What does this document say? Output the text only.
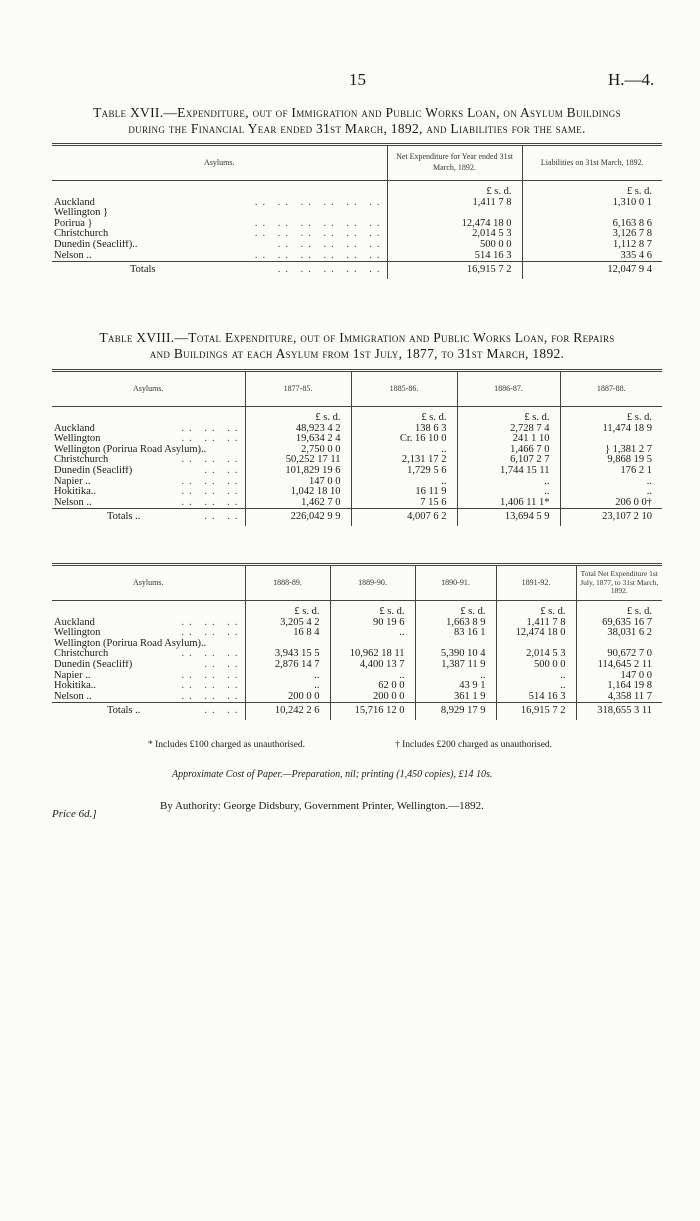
15	H.—4.
Table XVII.—Expenditure, out of Immigration and Public Works Loan, on Asylum Buildings
during the Financial Year ended 31st March, 1892, and Liabilities for the same.
Asylums.	Net Expenditure for Year ended 31st March, 1892.	Liabilities on 31st March, 1892.
	£ s. d.	£ s. d.
Auckland .. .. .. .. .. ..	1,411 7 8	1,310 0 1
Wellington }		
Porirua } .. .. .. .. .. ..	12,474 18 0	6,163 8 6
Christchurch .. .. .. .. .. ..	2,014 5 3	3,126 7 8
Dunedin (Seacliff).. .. .. .. .. ..	500 0 0	1,112 8 7
Nelson .. .. .. .. .. .. ..	514 16 3	335 4 6
Totals .. .. .. .. ..	16,915 7 2	12,047 9 4
Table XVIII.—Total Expenditure, out of Immigration and Public Works Loan, for Repairs
and Buildings at each Asylum from 1st July, 1877, to 31st March, 1892.
Asylums.	1877-85.	1885-86.	1886-87.	1887-88.
	£ s. d.	£ s. d.	£ s. d.	£ s. d.
Auckland .. .. ..	48,923 4 2	138 6 3	2,728 7 4	11,474 18 9
Wellington .. .. ..	19,634 2 4	Cr. 16 10 0	241 1 10	
Wellington (Porirua Road Asylum)..	2,750 0 0	..	1,466 7 0	} 1,381 2 7
Christchurch .. .. ..	50,252 17 11	2,131 17 2	6,107 2 7	9,868 19 5
Dunedin (Seacliff) .. ..	101,829 19 6	1,729 5 6	1,744 15 11	176 2 1
Napier .. .. .. ..	147 0 0	..	..	..
Hokitika.. .. .. ..	1,042 18 10	16 11 9	..	..
Nelson .. .. .. ..	1,462 7 0	7 15 6	1,406 11 1*	206 0 0†
Totals .. .. ..	226,042 9 9	4,007 6 2	13,694 5 9	23,107 2 10
Asylums.	1888-89.	1889-90.	1890-91.	1891-92.	Total Net Expenditure 1st July, 1877, to 31st March, 1892.
	£ s. d.	£ s. d.	£ s. d.	£ s. d.	£ s. d.
Auckland .. .. ..	3,205 4 2	90 19 6	1,663 8 9	1,411 7 8	69,635 16 7
Wellington .. .. ..	16 8 4	..	83 16 1	12,474 18 0	38,031 6 2
Wellington (Porirua Road Asylum)..					
Christchurch .. .. ..	3,943 15 5	10,962 18 11	5,390 10 4	2,014 5 3	90,672 7 0
Dunedin (Seacliff) .. ..	2,876 14 7	4,400 13 7	1,387 11 9	500 0 0	114,645 2 11
Napier .. .. .. ..	..	..	..	..	147 0 0
Hokitika.. .. .. ..	..	62 0 0	43 9 1	..	1,164 19 8
Nelson .. .. .. ..	200 0 0	200 0 0	361 1 9	514 16 3	4,358 11 7
Totals .. .. ..	10,242 2 6	15,716 12 0	8,929 17 9	16,915 7 2	318,655 3 11
* Includes £100 charged as unauthorised.	† Includes £200 charged as unauthorised.
Approximate Cost of Paper.—Preparation, nil; printing (1,450 copies), £14 10s.
Price 6d.]
By Authority: George Didsbury, Government Printer, Wellington.—1892.
